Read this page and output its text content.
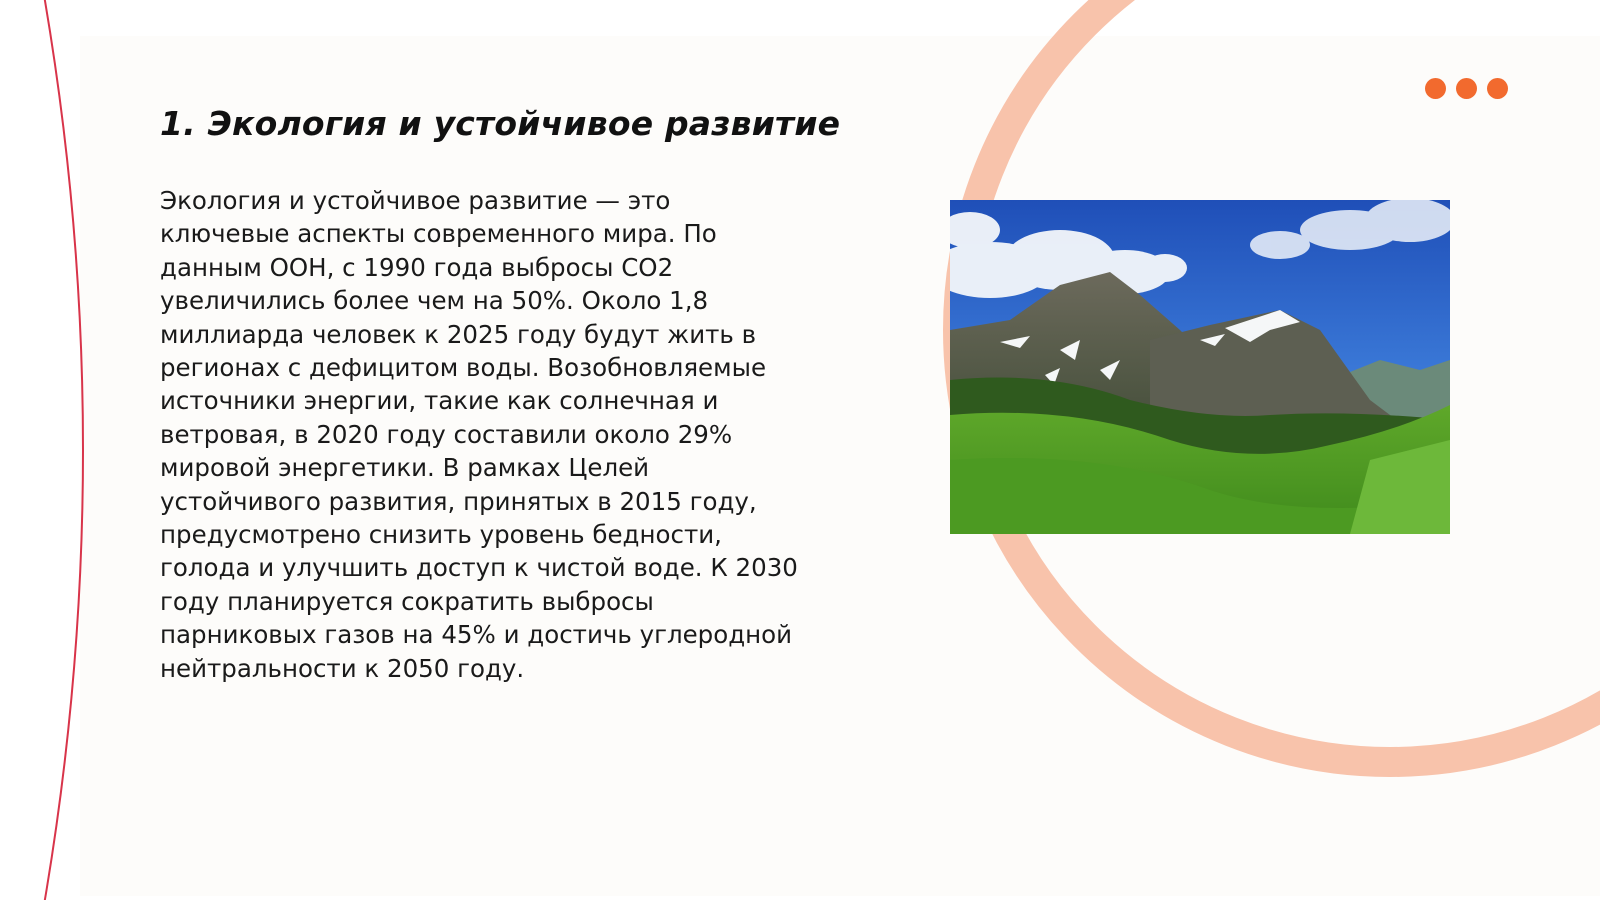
1. Экология и устойчивое развитие

Экология и устойчивое развитие — это
ключевые аспекты современного мира. По
данным ООН, с 1990 года выбросы CO2
увеличились более чем на 50%. Около 1,8
миллиарда человек к 2025 году будут жить в
регионах с дефицитом воды. Возобновляемые
источники энергии, такие как солнечная и
ветровая, в 2020 году составили около 29%
мировой энергетики. В рамках Целей
устойчивого развития, принятых в 2015 году,
предусмотрено снизить уровень бедности,
голода и улучшить доступ к чистой воде. К 2030
году планируется сократить выбросы
парниковых газов на 45% и достичь углеродной
нейтральности к 2050 году.
